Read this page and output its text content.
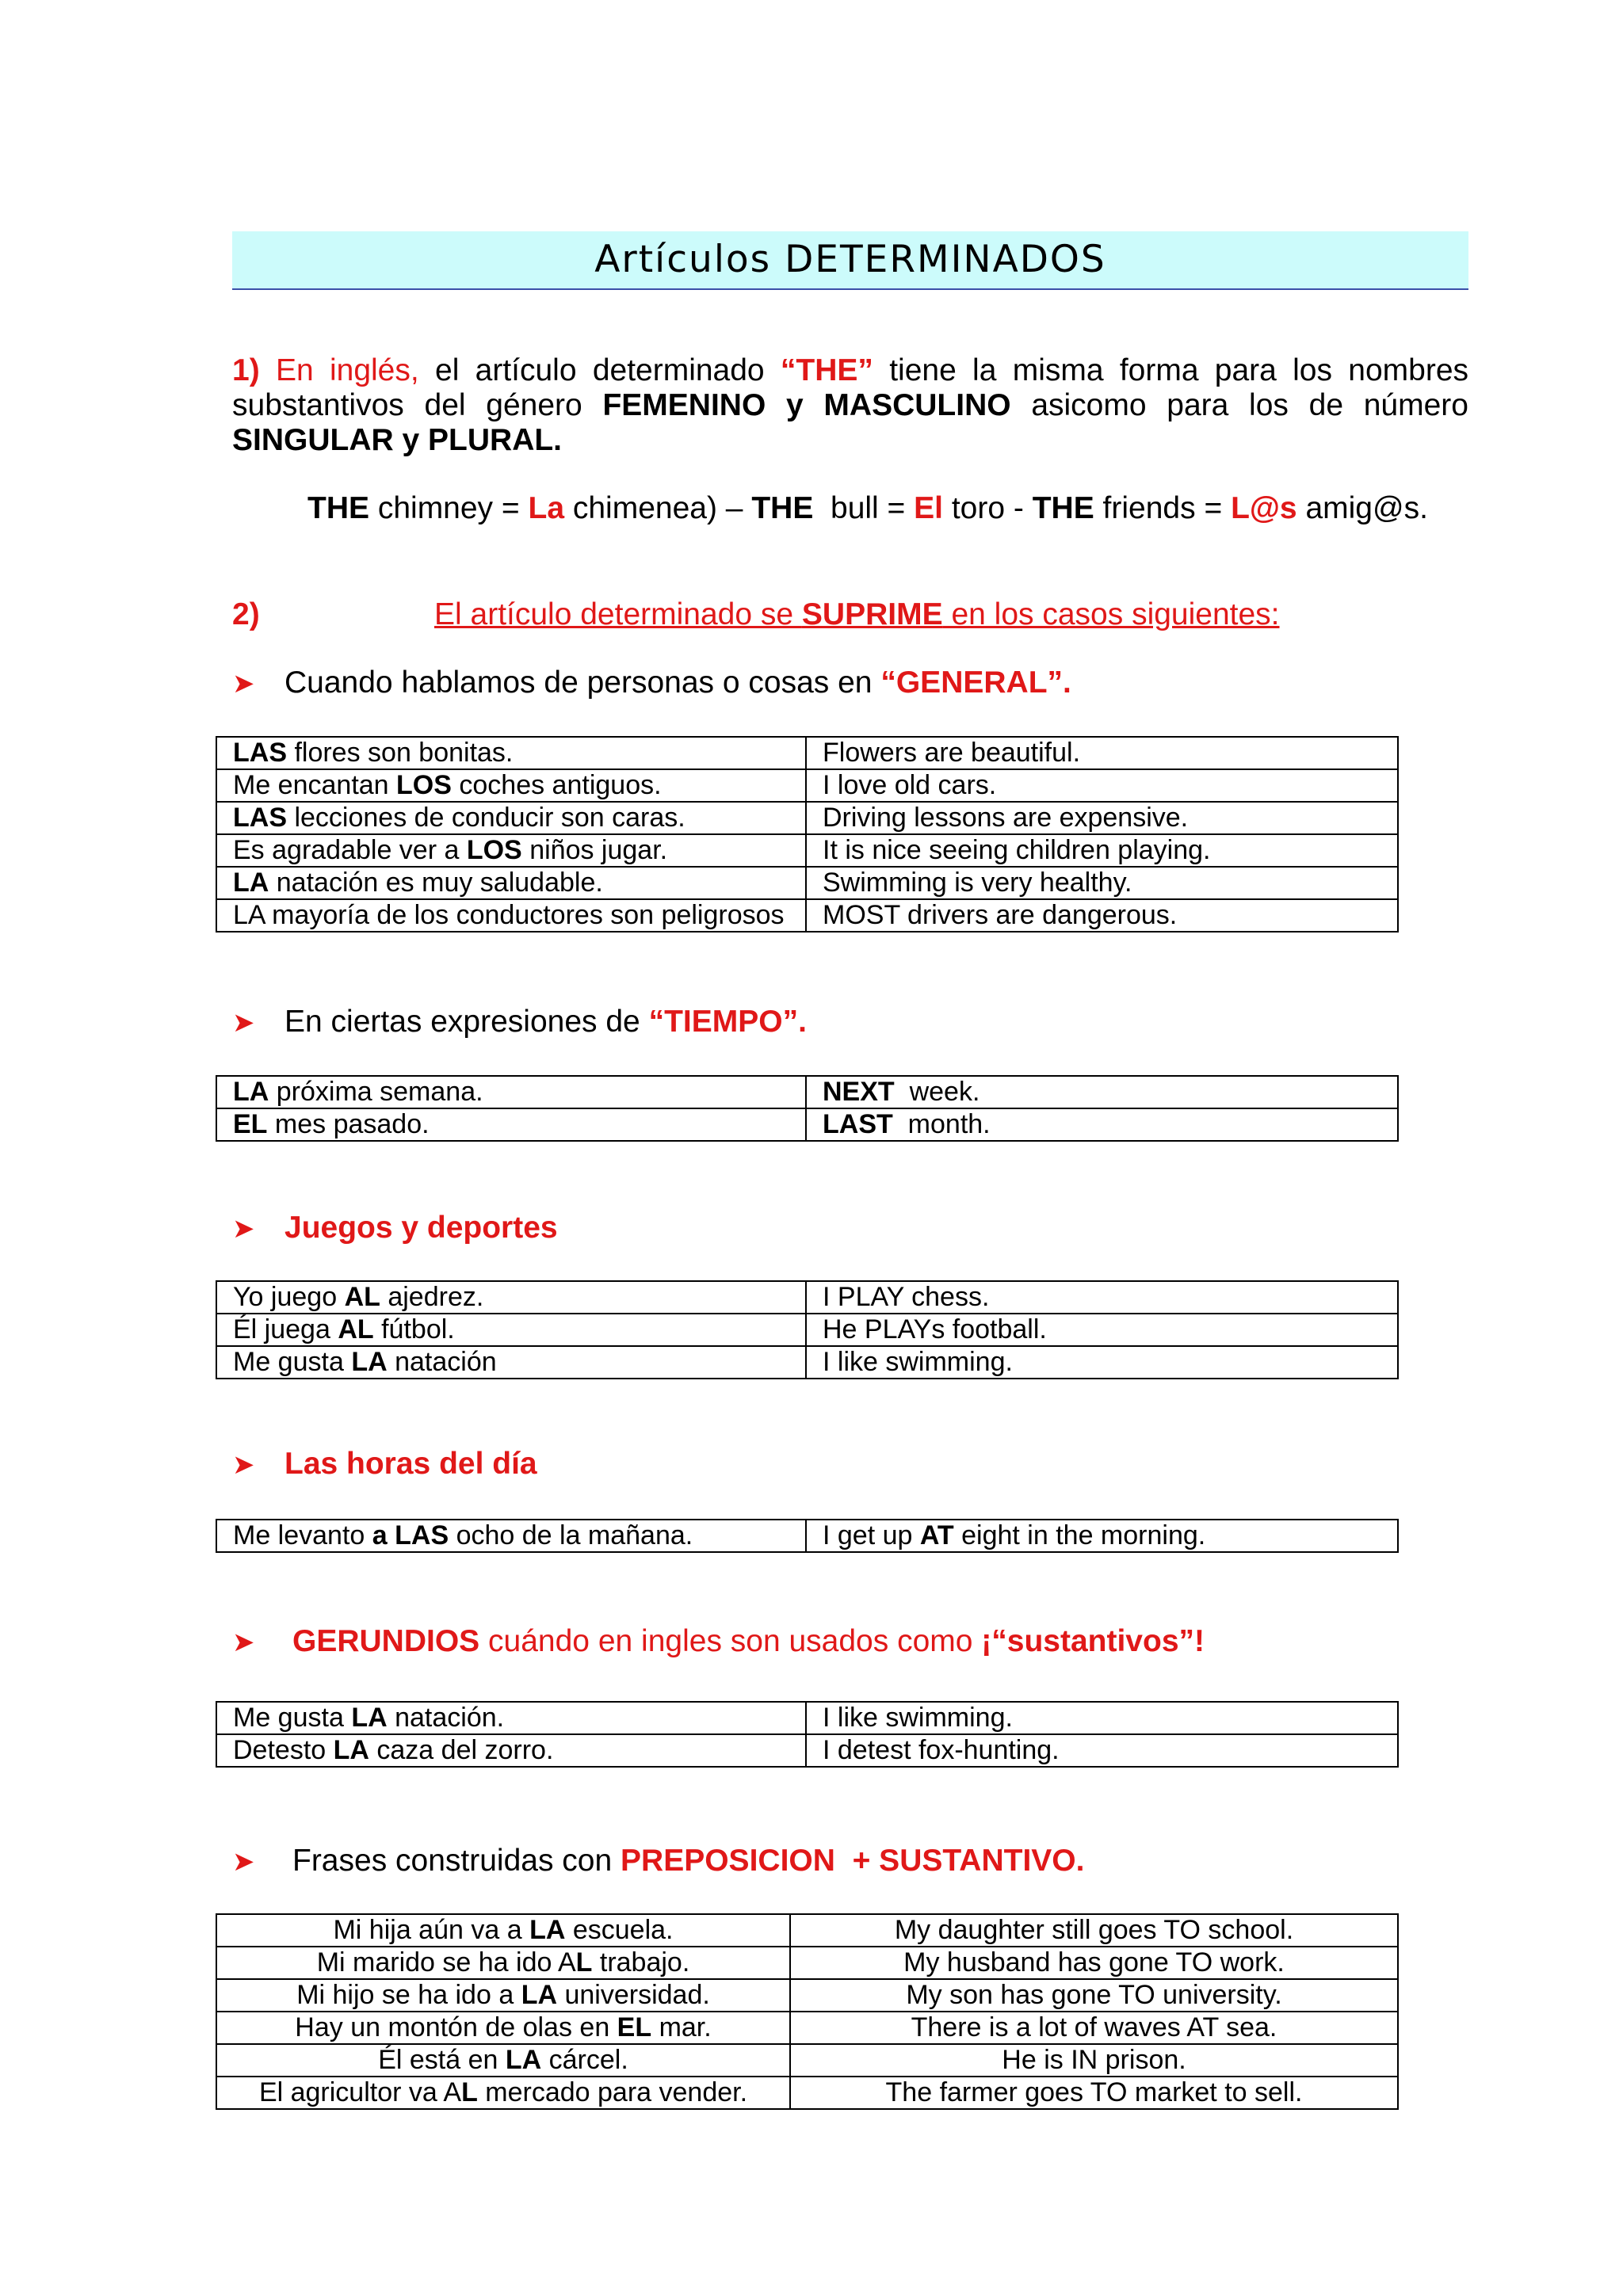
Artículos DETERMINADOS
1) En inglés, el artículo determinado “THE” tiene la misma forma para los nombres substantivos del género FEMENINO y MASCULINO asicomo para los de número SINGULAR y PLURAL.
THE chimney = La chimenea) – THE  bull = El toro - THE friends = L@s amig@s.
2)	El artículo determinado se SUPRIME en los casos siguientes:
➤ Cuando hablamos de personas o cosas en “GENERAL”.
LAS flores son bonitas.	Flowers are beautiful.
Me encantan LOS coches antiguos.	I love old cars.
LAS lecciones de conducir son caras.	Driving lessons are expensive.
Es agradable ver a LOS niños jugar.	It is nice seeing children playing.
LA natación es muy saludable.	Swimming is very healthy.
LA mayoría de los conductores son peligrosos	MOST drivers are dangerous.
➤ En ciertas expresiones de “TIEMPO”.
LA próxima semana.	NEXT  week.
EL mes pasado.	LAST  month.
➤ Juegos y deportes
Yo juego AL ajedrez.	I PLAY chess.
Él juega AL fútbol.	He PLAYs football.
Me gusta LA natación	I like swimming.
➤ Las horas del día
Me levanto a LAS ocho de la mañana.	I get up AT eight in the morning.
➤ GERUNDIOS cuándo en ingles son usados como ¡“sustantivos”!
Me gusta LA natación.	I like swimming.
Detesto LA caza del zorro.	I detest fox-hunting.
➤ Frases construidas con PREPOSICION  + SUSTANTIVO.
Mi hija aún va a LA escuela.	My daughter still goes TO school.
Mi marido se ha ido AL trabajo.	My husband has gone TO work.
Mi hijo se ha ido a LA universidad.	My son has gone TO university.
Hay un montón de olas en EL mar.	There is a lot of waves AT sea.
Él está en LA cárcel.	He is IN prison.
El agricultor va AL mercado para vender.	The farmer goes TO market to sell.
